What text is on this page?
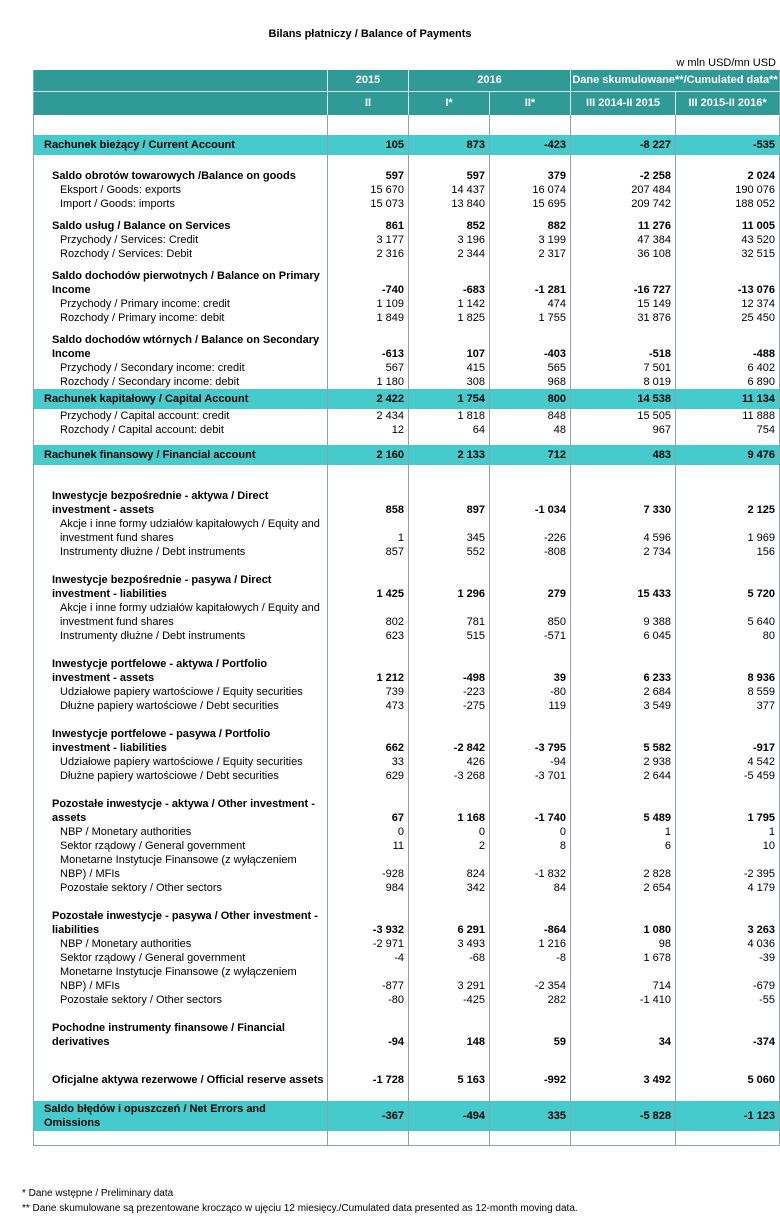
Bilans płatniczy / Balance of Payments
w mln USD/mn USD
	2015	2016		Dane skumulowane**/Cumulated data**	
	II	I*	II*	III 2014-II 2015	III 2015-II 2016*

Rachunek bieżący / Current Account	105	873	-423	-8 227	-535

Saldo obrotów towarowych /Balance on goods	597	597	379	-2 258	2 024
Eksport / Goods: exports	15 670	14 437	16 074	207 484	190 076
Import / Goods: imports	15 073	13 840	15 695	209 742	188 052

Saldo usług / Balance on Services	861	852	882	11 276	11 005
Przychody / Services: Credit	3 177	3 196	3 199	47 384	43 520
Rozchody / Services: Debit	2 316	2 344	2 317	36 108	32 515

Saldo dochodów pierwotnych / Balance on Primary Income	-740	-683	-1 281	-16 727	-13 076
Przychody / Primary income: credit	1 109	1 142	474	15 149	12 374
Rozchody / Primary income: debit	1 849	1 825	1 755	31 876	25 450

Saldo dochodów wtórnych / Balance on Secondary Income	-613	107	-403	-518	-488
Przychody / Secondary income: credit	567	415	565	7 501	6 402
Rozchody / Secondary income: debit	1 180	308	968	8 019	6 890
Rachunek kapitałowy / Capital Account	2 422	1 754	800	14 538	11 134
Przychody / Capital account: credit	2 434	1 818	848	15 505	11 888
Rozchody / Capital account: debit	12	64	48	967	754

Rachunek finansowy / Financial account	2 160	2 133	712	483	9 476

Inwestycje bezpośrednie - aktywa / Direct investment - assets	858	897	-1 034	7 330	2 125
Akcje i inne formy udziałów kapitałowych / Equity and investment fund shares	1	345	-226	4 596	1 969
Instrumenty dłużne / Debt instruments	857	552	-808	2 734	156

Inwestycje bezpośrednie - pasywa / Direct investment - liabilities	1 425	1 296	279	15 433	5 720
Akcje i inne formy udziałów kapitałowych / Equity and investment fund shares	802	781	850	9 388	5 640
Instrumenty dłużne / Debt instruments	623	515	-571	6 045	80

Inwestycje portfelowe - aktywa / Portfolio investment - assets	1 212	-498	39	6 233	8 936
Udziałowe papiery wartościowe / Equity securities	739	-223	-80	2 684	8 559
Dłużne papiery wartościowe / Debt securities	473	-275	119	3 549	377

Inwestycje portfelowe - pasywa / Portfolio investment - liabilities	662	-2 842	-3 795	5 582	-917
Udziałowe papiery wartościowe / Equity securities	33	426	-94	2 938	4 542
Dłużne papiery wartościowe / Debt securities	629	-3 268	-3 701	2 644	-5 459

Pozostałe inwestycje - aktywa / Other investment - assets	67	1 168	-1 740	5 489	1 795
NBP / Monetary authorities	0	0	0	1	1
Sektor rządowy / General government	11	2	8	6	10
Monetarne Instytucje Finansowe (z wyłączeniem NBP) / MFIs	-928	824	-1 832	2 828	-2 395
Pozostałe sektory / Other sectors	984	342	84	2 654	4 179

Pozostałe inwestycje - pasywa / Other investment - liabilities	-3 932	6 291	-864	1 080	3 263
NBP / Monetary authorities	-2 971	3 493	1 216	98	4 036
Sektor rządowy / General government	-4	-68	-8	1 678	-39
Monetarne Instytucje Finansowe (z wyłączeniem NBP) / MFIs	-877	3 291	-2 354	714	-679
Pozostałe sektory / Other sectors	-80	-425	282	-1 410	-55

Pochodne instrumenty finansowe / Financial derivatives	-94	148	59	34	-374

Oficjalne aktywa rezerwowe / Official reserve assets	-1 728	5 163	-992	3 492	5 060

Saldo błędów i opuszczeń / Net Errors and Omissions	-367	-494	335	-5 828	-1 123

* Dane wstępne / Preliminary data
** Dane skumulowane są prezentowane krocząco w ujęciu 12 miesięcy./Cumulated data presented as 12-month moving data.
